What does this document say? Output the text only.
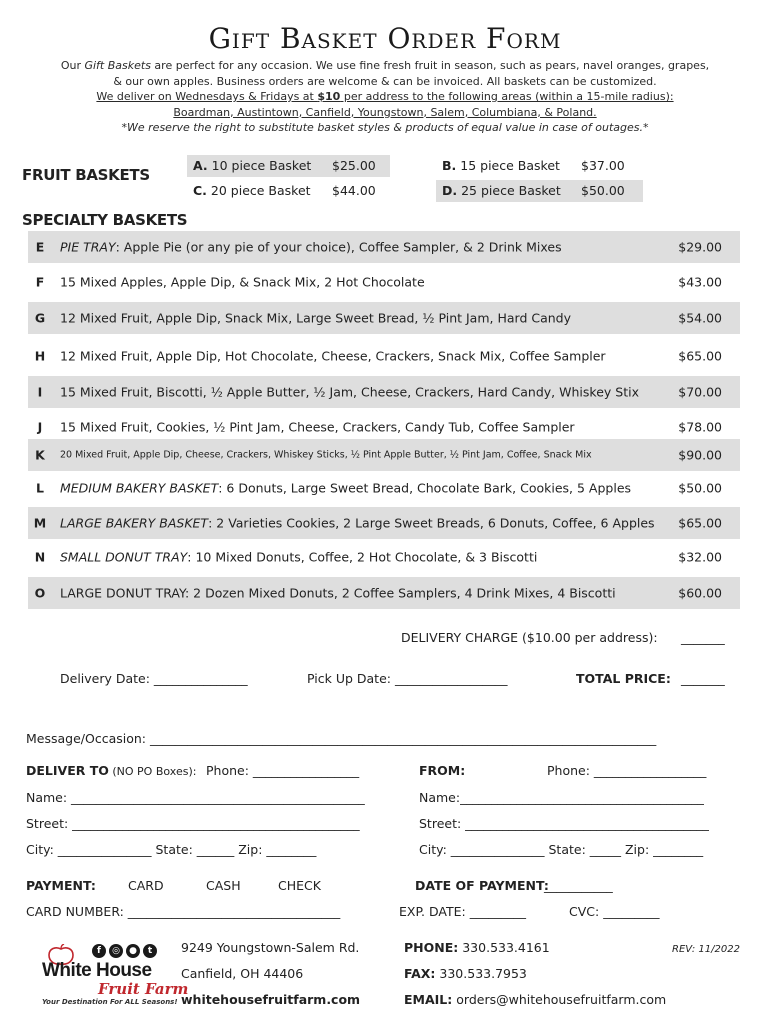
Gift Basket Order Form
Our Gift Baskets are perfect for any occasion. We use fine fresh fruit in season, such as pears, navel oranges, grapes,
& our own apples. Business orders are welcome & can be invoiced. All baskets can be customized.
We deliver on Wednesdays & Fridays at $10 per address to the following areas (within a 15-mile radius):
Boardman, Austintown, Canfield, Youngstown, Salem, Columbiana, & Poland.
*We reserve the right to substitute basket styles & products of equal value in case of outages.*
FRUIT BASKETS
A. 10 piece Basket $25.00	B. 15 piece Basket $37.00
C. 20 piece Basket $44.00	D. 25 piece Basket $50.00
SPECIALTY BASKETS
E PIE TRAY: Apple Pie (or any pie of your choice), Coffee Sampler, & 2 Drink Mixes	$29.00
F 15 Mixed Apples, Apple Dip, & Snack Mix, 2 Hot Chocolate	$43.00
G 12 Mixed Fruit, Apple Dip, Snack Mix, Large Sweet Bread, ½ Pint Jam, Hard Candy	$54.00
H 12 Mixed Fruit, Apple Dip, Hot Chocolate, Cheese, Crackers, Snack Mix, Coffee Sampler	$65.00
I	15 Mixed Fruit, Biscotti, ½ Apple Butter, ½ Jam, Cheese, Crackers, Hard Candy, Whiskey Stix	$70.00
J	15 Mixed Fruit, Cookies, ½ Pint Jam, Cheese, Crackers, Candy Tub, Coffee Sampler	$78.00
K	20 Mixed Fruit, Apple Dip, Cheese, Crackers, Whiskey Sticks, ½ Pint Apple Butter, ½ Pint Jam, Coffee, Snack Mix	$90.00
L	MEDIUM BAKERY BASKET: 6 Donuts, Large Sweet Bread, Chocolate Bark, Cookies, 5 Apples	$50.00
M LARGE BAKERY BASKET: 2 Varieties Cookies, 2 Large Sweet Breads, 6 Donuts, Coffee, 6 Apples $65.00
N SMALL DONUT TRAY: 10 Mixed Donuts, Coffee, 2 Hot Chocolate, & 3 Biscotti	$32.00
O LARGE DONUT TRAY: 2 Dozen Mixed Donuts, 2 Coffee Samplers, 4 Drink Mixes, 4 Biscotti	$60.00
DELIVERY CHARGE ($10.00 per address): _______
Delivery Date: _______________	Pick Up Date: __________________	TOTAL PRICE: _______
Message/Occasion: _________________________________________________________________________________
DELIVER TO (NO PO Boxes): Phone: _________________	FROM:	Phone: __________________
Name: _______________________________________________	Name:_______________________________________
Street: ______________________________________________	Street: _______________________________________
City: _______________ State: ______ Zip: ________	City: _______________ State: _____ Zip: ________
PAYMENT:	CARD	CASH	CHECK	DATE OF PAYMENT:
___________
CARD NUMBER: __________________________________	EXP. DATE: _________	CVC: _________
f	◎	●	t
White House
Fruit Farm
Your Destination For ALL Seasons!
9249 Youngstown-Salem Rd.
Canfield, OH 44406
whitehousefruitfarm.com
PHONE: 330.533.4161
FAX: 330.533.7953
EMAIL: orders@whitehousefruitfarm.com
REV: 11/2022
